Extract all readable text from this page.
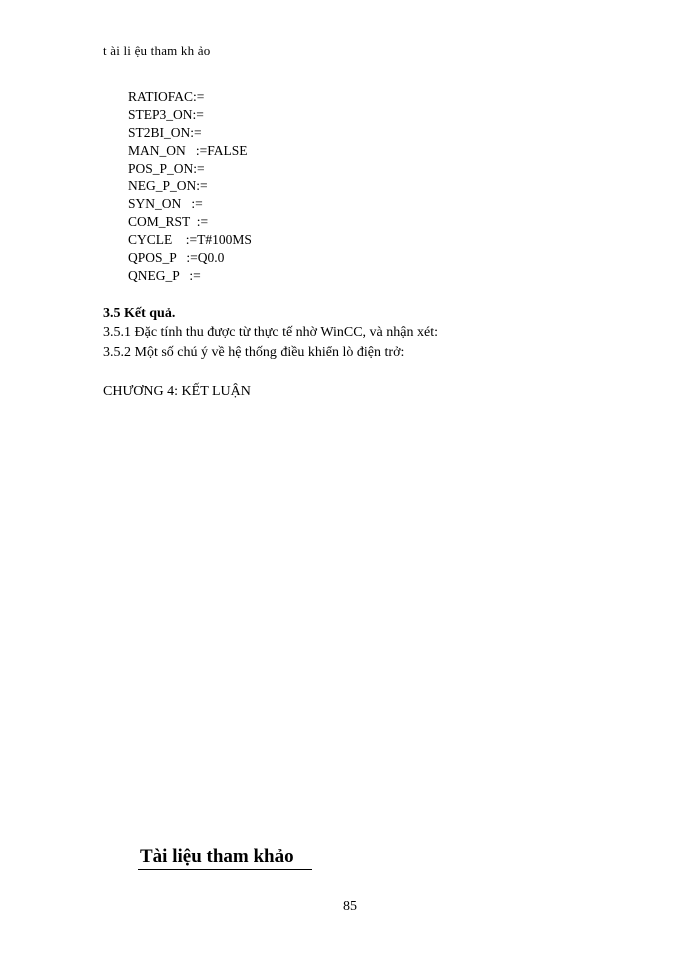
t ài li ệu tham kh ảo
RATIOFAC:=
STEP3_ON:=
ST2BI_ON:=
MAN_ON   :=FALSE
POS_P_ON:=
NEG_P_ON:=
SYN_ON   :=
COM_RST  :=
CYCLE    :=T#100MS
QPOS_P   :=Q0.0
QNEG_P   :=
3.5 Kết quả.
3.5.1 Đặc tính thu được từ thực tế nhờ WinCC, và nhận xét:
3.5.2 Một số chú ý về hệ thống điều khiển lò điện trở:
CHƯƠNG 4: KẾT LUẬN
Tài liệu tham khảo
85
